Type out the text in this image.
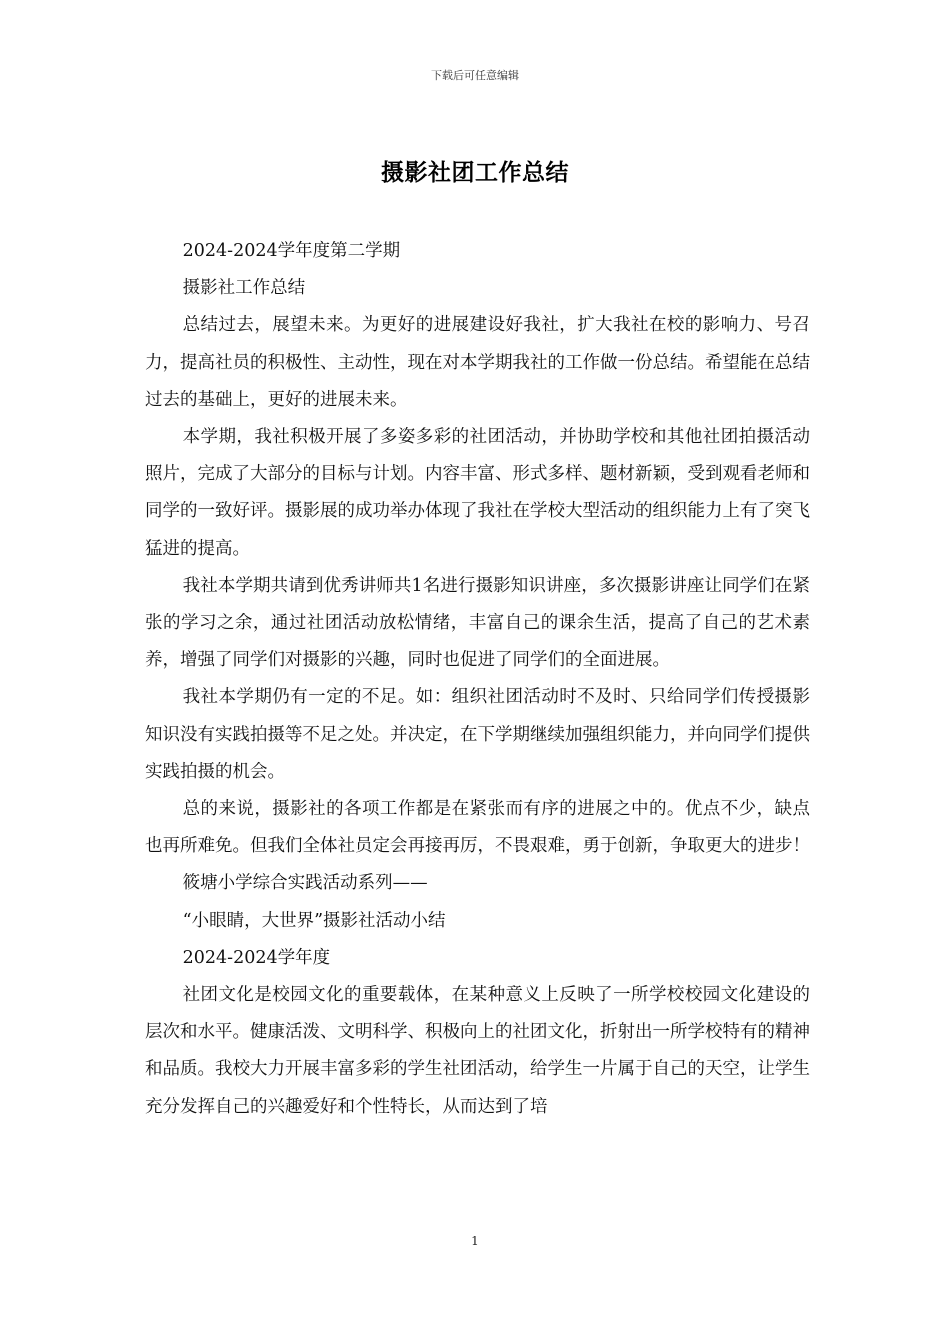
下载后可任意编辑
摄影社团工作总结

2024-2024学年度第二学期

摄影社工作总结

总结过去，展望未来。为更好的进展建设好我社，扩大我社在校的影响力、号召力，提高社员的积极性、主动性，现在对本学期我社的工作做一份总结。希望能在总结过去的基础上，更好的进展未来。

本学期，我社积极开展了多姿多彩的社团活动，并协助学校和其他社团拍摄活动照片，完成了大部分的目标与计划。内容丰富、形式多样、题材新颖，受到观看老师和同学的一致好评。摄影展的成功举办体现了我社在学校大型活动的组织能力上有了突飞猛进的提高。

我社本学期共请到优秀讲师共1名进行摄影知识讲座，多次摄影讲座让同学们在紧张的学习之余，通过社团活动放松情绪，丰富自己的课余生活，提高了自己的艺术素养，增强了同学们对摄影的兴趣，同时也促进了同学们的全面进展。

我社本学期仍有一定的不足。如：组织社团活动时不及时、只给同学们传授摄影知识没有实践拍摄等不足之处。并决定，在下学期继续加强组织能力，并向同学们提供实践拍摄的机会。

总的来说，摄影社的各项工作都是在紧张而有序的进展之中的。优点不少，缺点也再所难免。但我们全体社员定会再接再厉，不畏艰难，勇于创新，争取更大的进步！

筱塘小学综合实践活动系列——

“小眼睛，大世界”摄影社活动小结

2024-2024学年度

社团文化是校园文化的重要载体，在某种意义上反映了一所学校校园文化建设的层次和水平。健康活泼、文明科学、积极向上的社团文化，折射出一所学校特有的精神和品质。我校大力开展丰富多彩的学生社团活动，给学生一片属于自己的天空，让学生充分发挥自己的兴趣爱好和个性特长，从而达到了培

1
